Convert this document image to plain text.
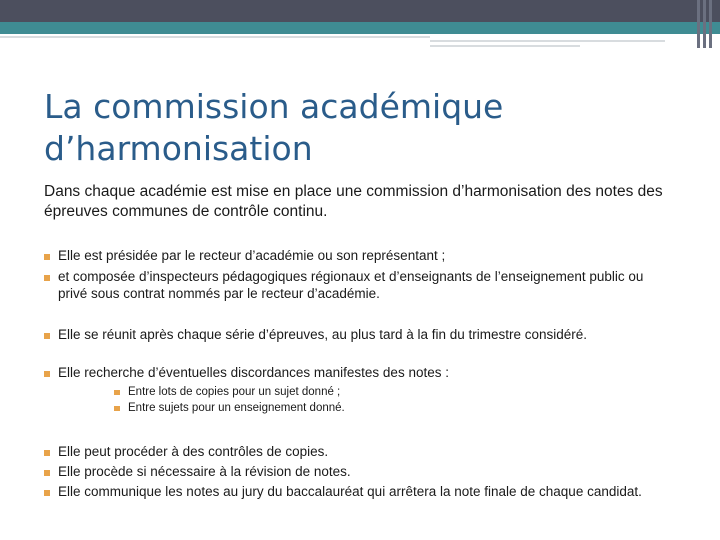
La commission académique d’harmonisation

Dans chaque académie est mise en place une commission d’harmonisation des notes des épreuves communes de contrôle continu.

Elle est présidée par le recteur d’académie ou son représentant ;

et composée d’inspecteurs pédagogiques régionaux et d’enseignants de l’enseignement public ou privé sous contrat nommés par le recteur d’académie.

Elle se réunit après chaque série d’épreuves, au plus tard à la fin du trimestre considéré.

Elle recherche d’éventuelles discordances manifestes des notes :

Entre lots de copies pour un sujet donné ;

Entre sujets pour un enseignement donné.

Elle peut procéder à des contrôles de copies.

Elle procède si nécessaire à la révision de notes.

Elle communique les notes au jury du baccalauréat qui arrêtera la note finale de chaque candidat.
